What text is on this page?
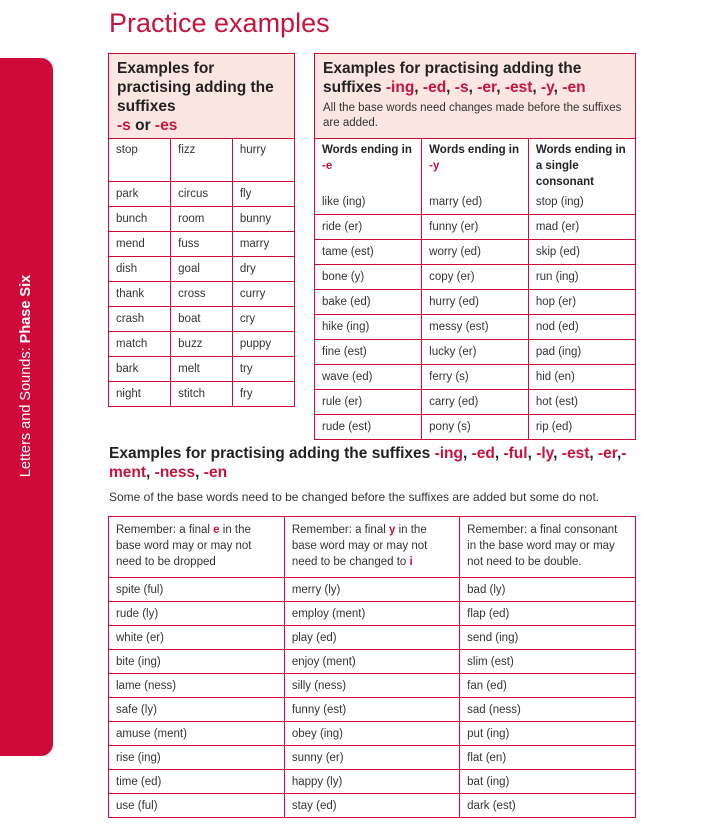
Letters and Sounds: Phase Six
Practice examples
Examples for practising adding the suffixes
-s or -es
stop	fizz	hurry
park	circus	fly
bunch	room	bunny
mend	fuss	marry
dish	goal	dry
thank	cross	curry
crash	boat	cry
match	buzz	puppy
bark	melt	try
night	stitch	fry
Examples for practising adding the suffixes -ing, -ed, -s, -er, -est, -y, -en
All the base words need changes made before the suffixes are added.
Words ending in -e	Words ending in -y	Words ending in a single consonant
like (ing)	marry (ed)	stop (ing)
ride (er)	funny (er)	mad (er)
tame (est)	worry (ed)	skip (ed)
bone (y)	copy (er)	run (ing)
bake (ed)	hurry (ed)	hop (er)
hike (ing)	messy (est)	nod (ed)
fine (est)	lucky (er)	pad (ing)
wave (ed)	ferry (s)	hid (en)
rule (er)	carry (ed)	hot (est)
rude (est)	pony (s)	rip (ed)
Examples for practising adding the suffixes -ing, -ed, -ful, -ly, -est, -er,-ment, -ness, -en

Some of the base words need to be changed before the suffixes are added but some do not.

Remember: a final e in the base word may or may not need to be dropped	Remember: a final y in the base word may or may not need to be changed to i	Remember: a final consonant in the base word may or may not need to be double.
spite (ful)	merry (ly)	bad (ly)
rude (ly)	employ (ment)	flap (ed)
white (er)	play (ed)	send (ing)
bite (ing)	enjoy (ment)	slim (est)
lame (ness)	silly (ness)	fan (ed)
safe (ly)	funny (est)	sad (ness)
amuse (ment)	obey (ing)	put (ing)
rise (ing)	sunny (er)	flat (en)
time (ed)	happy (ly)	bat (ing)
use (ful)	stay (ed)	dark (est)
